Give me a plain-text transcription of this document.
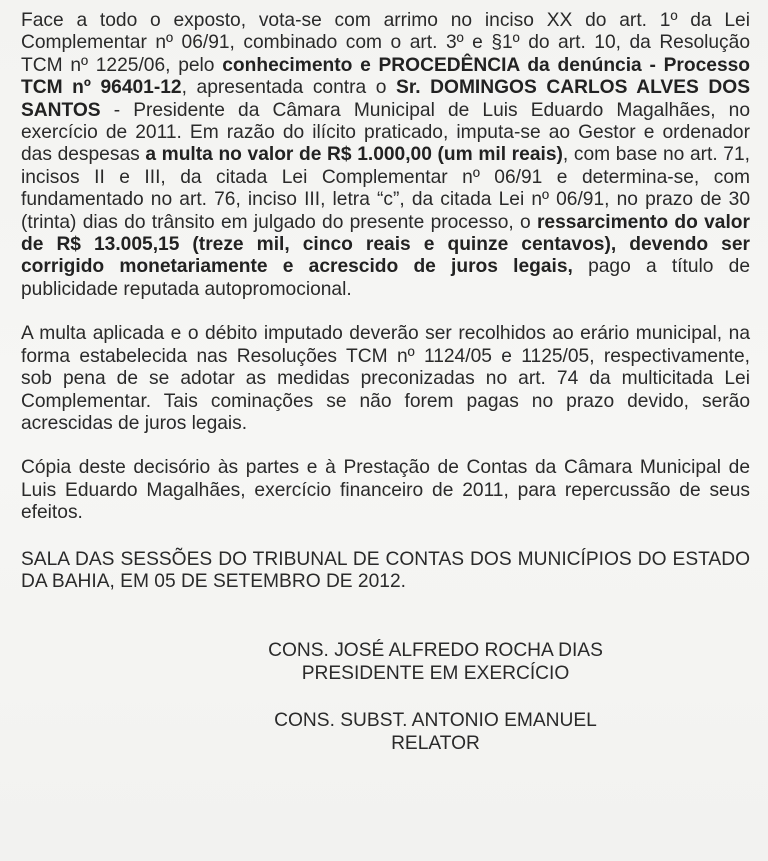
Face a todo o exposto, vota-se com arrimo no inciso XX do art. 1º da Lei Complementar nº 06/91, combinado com o art. 3º e §1º do art. 10, da Resolução TCM nº 1225/06, pelo conhecimento e PROCEDÊNCIA da denúncia - Processo TCM nº 96401-12, apresentada contra o Sr. DOMINGOS CARLOS ALVES DOS SANTOS - Presidente da Câmara Municipal de Luis Eduardo Magalhães, no exercício de 2011. Em razão do ilícito praticado, imputa-se ao Gestor e ordenador das despesas a multa no valor de R$ 1.000,00 (um mil reais), com base no art. 71, incisos II e III, da citada Lei Complementar nº 06/91 e determina-se, com fundamentado no art. 76, inciso III, letra “c”, da citada Lei nº 06/91, no prazo de 30 (trinta) dias do trânsito em julgado do presente processo, o ressarcimento do valor de R$ 13.005,15 (treze mil, cinco reais e quinze centavos), devendo ser corrigido monetariamente e acrescido de juros legais, pago a título de publicidade reputada autopromocional.

A multa aplicada e o débito imputado deverão ser recolhidos ao erário municipal, na forma estabelecida nas Resoluções TCM nº 1124/05 e 1125/05, respectivamente, sob pena de se adotar as medidas preconizadas no art. 74 da multicitada Lei Complementar. Tais cominações se não forem pagas no prazo devido, serão acrescidas de juros legais.

Cópia deste decisório às partes e à Prestação de Contas da Câmara Municipal de Luis Eduardo Magalhães, exercício financeiro de 2011, para repercussão de seus efeitos.

SALA DAS SESSÕES DO TRIBUNAL DE CONTAS DOS MUNICÍPIOS DO ESTADO DA BAHIA, EM 05 DE SETEMBRO DE 2012.

CONS. JOSÉ ALFREDO ROCHA DIAS
PRESIDENTE EM EXERCÍCIO
CONS. SUBST. ANTONIO EMANUEL
RELATOR
